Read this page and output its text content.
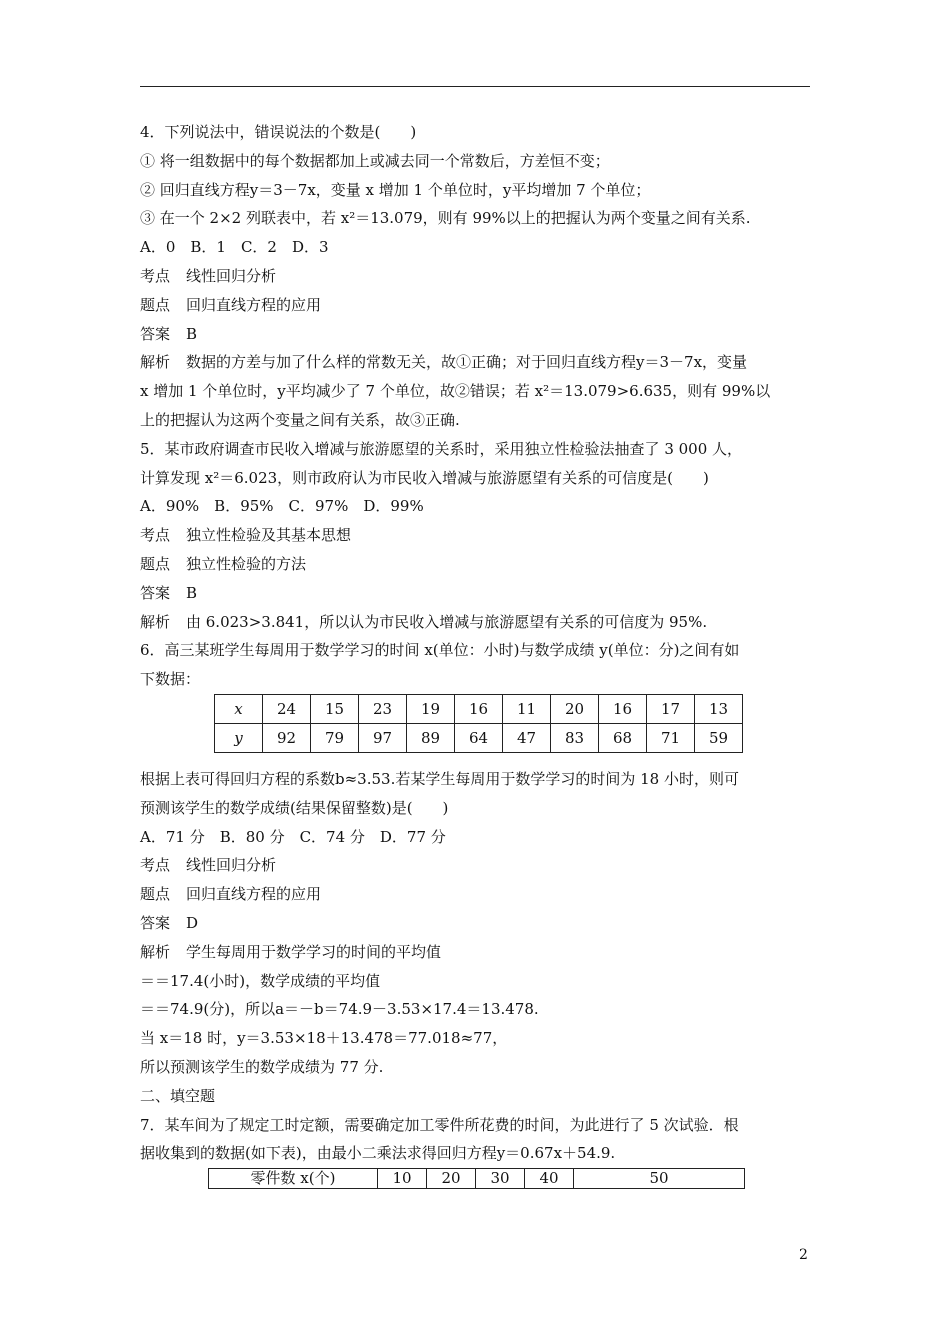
4．下列说法中，错误说法的个数是(　　)
① 将一组数据中的每个数据都加上或减去同一个常数后，方差恒不变；
② 回归直线方程y＝3－7x，变量 x 增加 1 个单位时，y平均增加 7 个单位；
③ 在一个 2×2 列联表中，若 x²＝13.079，则有 99%以上的把握认为两个变量之间有关系.
A．0　B．1　C．2　D．3
考点 线性回归分析
题点 回归直线方程的应用
答案 B
解析 数据的方差与加了什么样的常数无关，故①正确；对于回归直线方程y＝3－7x，变量
x 增加 1 个单位时，y平均减少了 7 个单位，故②错误；若 x²＝13.079>6.635，则有 99%以
上的把握认为这两个变量之间有关系，故③正确.
5．某市政府调查市民收入增减与旅游愿望的关系时，采用独立性检验法抽查了 3 000 人，
计算发现 x²＝6.023，则市政府认为市民收入增减与旅游愿望有关系的可信度是(　　)
A．90%　B．95%　C．97%　D．99%
考点 独立性检验及其基本思想
题点 独立性检验的方法
答案 B
解析 由 6.023>3.841，所以认为市民收入增减与旅游愿望有关系的可信度为 95%.
6．高三某班学生每周用于数学学习的时间 x(单位：小时)与数学成绩 y(单位：分)之间有如
下数据：
x	24	15	23	19	16	11	20	16	17	13
y	92	79	97	89	64	47	83	68	71	59
根据上表可得回归方程的系数b≈3.53.若某学生每周用于数学学习的时间为 18 小时，则可
预测该学生的数学成绩(结果保留整数)是(　　)
A．71 分　B．80 分　C．74 分　D．77 分
考点 线性回归分析
题点 回归直线方程的应用
答案 D
解析 学生每周用于数学学习的时间的平均值
＝＝17.4(小时)，数学成绩的平均值
＝＝74.9(分)，所以a＝－b＝74.9－3.53×17.4＝13.478.
当 x＝18 时，y＝3.53×18＋13.478＝77.018≈77，
所以预测该学生的数学成绩为 77 分.
二、填空题
7．某车间为了规定工时定额，需要确定加工零件所花费的时间，为此进行了 5 次试验．根
据收集到的数据(如下表)，由最小二乘法求得回归方程y＝0.67x＋54.9.
零件数 x(个)	10	20	30	40	50
2
